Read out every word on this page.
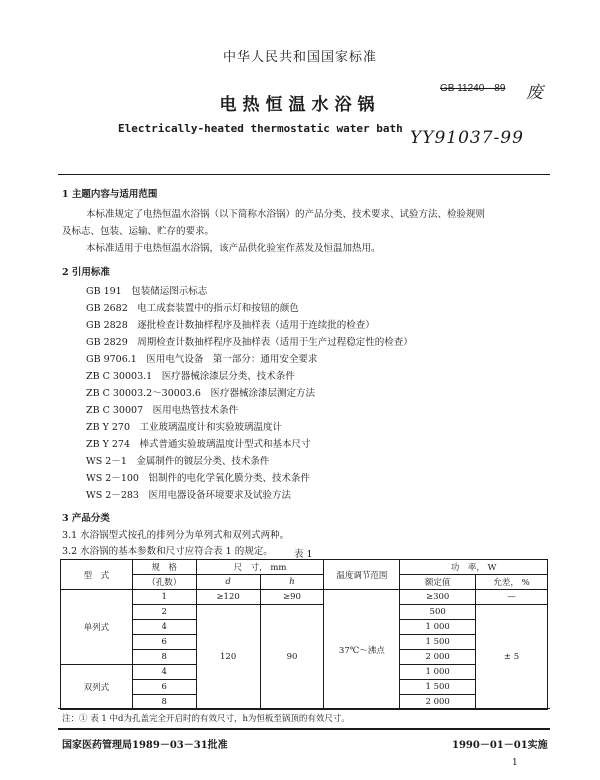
中华人民共和国国家标准
电热恒温水浴锅
Electrically-heated thermostatic water bath
GB 11240—89 废
YY91037-99
1 主题内容与适用范围
本标准规定了电热恒温水浴锅（以下简称水浴锅）的产品分类、技术要求、试验方法、检验规则
及标志、包装、运输、贮存的要求。
本标准适用于电热恒温水浴锅，该产品供化验室作蒸发及恒温加热用。
2 引用标准
GB 191　 包装储运图示标志
GB 2682　 电工成套装置中的指示灯和按钮的颜色
GB 2828　 逐批检查计数抽样程序及抽样表（适用于连续批的检查）
GB 2829　 周期检查计数抽样程序及抽样表（适用于生产过程稳定性的检查）
GB 9706.1　 医用电气设备　第一部分：通用安全要求
ZB C 30003.1　 医疗器械涂漆层分类、技术条件
ZB C 30003.2～30003.6　 医疗器械涂漆层测定方法
ZB C 30007　 医用电热管技术条件
ZB Y 270　 工业玻璃温度计和实验玻璃温度计
ZB Y 274　 棒式普通实验玻璃温度计型式和基本尺寸
WS 2－1　 金属制件的镀层分类、技术条件
WS 2－100　 铝制件的电化学氧化膜分类、技术条件
WS 2－283　 医用电器设备环境要求及试验方法
3 产品分类
3.1 水浴锅型式按孔的排列分为单列式和双列式两种。
3.2 水浴锅的基本参数和尺寸应符合表 1 的规定。 表 1
型　式	规　格	尺　寸， mm		温度调节范围	功　率， W	
	（孔数）	d	h		额定值	允差， %
单列式	1	≥120	≥90	37℃～沸点	≥300	—
	2	120	90		500	± 5
	4				1 000	
	6				1 500	
	8				2 000	
双列式	4				1 000	
	6				1 500	
	8				2 000	
注：① 表 1 中d为孔盖完全开启时的有效尺寸，h为恒板至锅顶的有效尺寸。
国家医药管理局1989－03－31批准	1990－01－01实施
1
